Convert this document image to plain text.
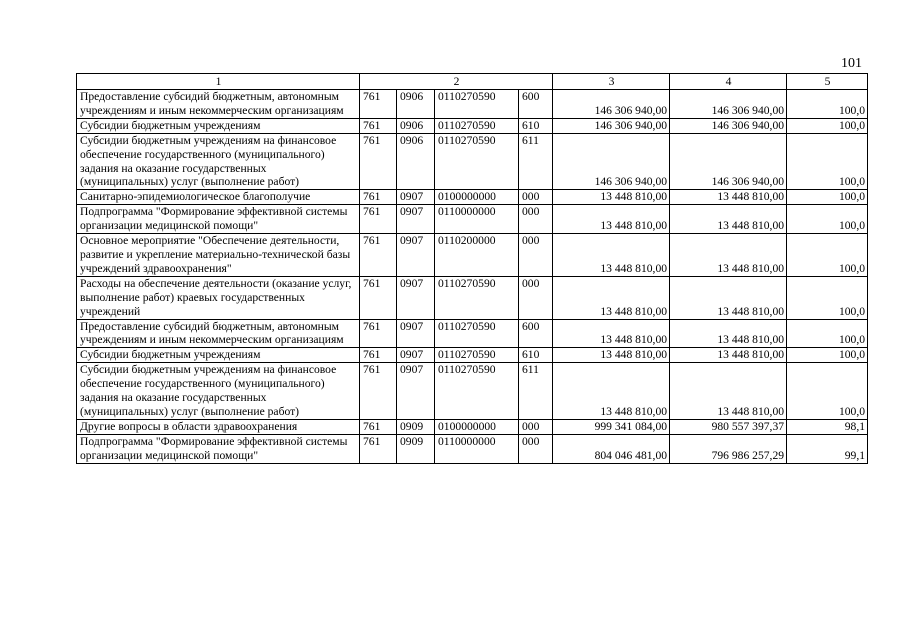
101
1	2				3	4	5
Предоставление субсидий бюджетным, автономным учреждениям и иным некоммерческим организациям	761	0906	0110270590	600	146 306 940,00	146 306 940,00	100,0
Субсидии бюджетным учреждениям	761	0906	0110270590	610	146 306 940,00	146 306 940,00	100,0
Субсидии бюджетным учреждениям на финансовое обеспечение государственного (муниципального) задания на оказание государственных (муниципальных) услуг (выполнение работ)	761	0906	0110270590	611	146 306 940,00	146 306 940,00	100,0
Санитарно-эпидемиологическое благополучие	761	0907	0100000000	000	13 448 810,00	13 448 810,00	100,0
Подпрограмма "Формирование эффективной системы организации медицинской помощи"	761	0907	0110000000	000	13 448 810,00	13 448 810,00	100,0
Основное мероприятие "Обеспечение деятельности, развитие и укрепление материально-технической базы учреждений здравоохранения"	761	0907	0110200000	000	13 448 810,00	13 448 810,00	100,0
Расходы на обеспечение деятельности (оказание услуг, выполнение работ) краевых государственных учреждений	761	0907	0110270590	000	13 448 810,00	13 448 810,00	100,0
Предоставление субсидий бюджетным, автономным учреждениям и иным некоммерческим организациям	761	0907	0110270590	600	13 448 810,00	13 448 810,00	100,0
Субсидии бюджетным учреждениям	761	0907	0110270590	610	13 448 810,00	13 448 810,00	100,0
Субсидии бюджетным учреждениям на финансовое обеспечение государственного (муниципального) задания на оказание государственных (муниципальных) услуг (выполнение работ)	761	0907	0110270590	611	13 448 810,00	13 448 810,00	100,0
Другие вопросы в области здравоохранения	761	0909	0100000000	000	999 341 084,00	980 557 397,37	98,1
Подпрограмма "Формирование эффективной системы организации медицинской помощи"	761	0909	0110000000	000	804 046 481,00	796 986 257,29	99,1
